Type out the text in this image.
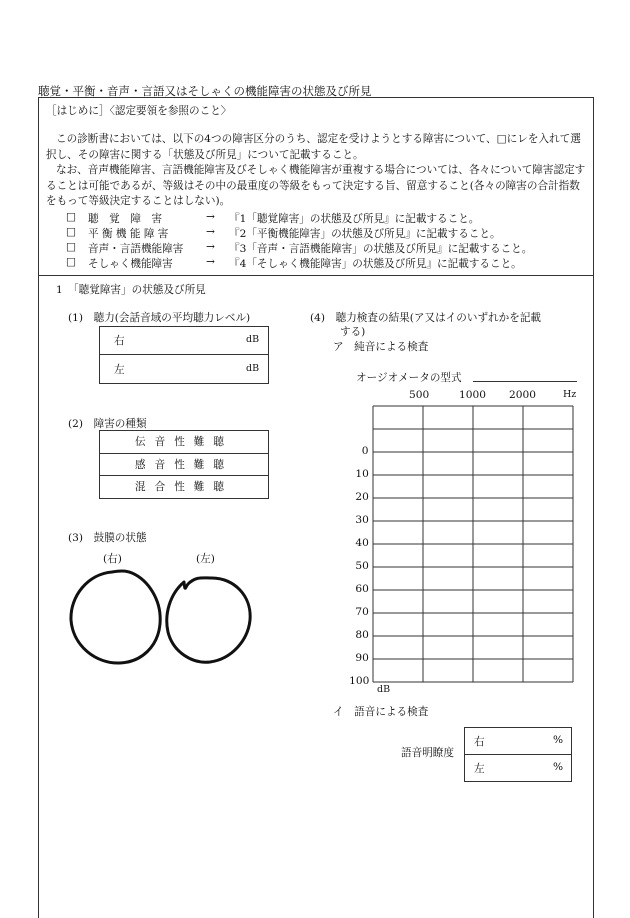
聴覚・平衡・音声・言語又はそしゃくの機能障害の状態及び所見
［はじめに］〈認定要領を参照のこと〉
この診断書においては、以下の4つの障害区分のうち、認定を受けようとする障害について、□にレを入れて選択し、その障害に関する「状態及び所見」について記載すること。
なお、音声機能障害、言語機能障害及びそしゃく機能障害が重複する場合については、各々について障害認定することは可能であるが、等級はその中の最重度の等級をもって決定する旨、留意すること(各々の障害の合計指数をもって等級決定することはしない)。
□ 聴　覚　障　害	→ 『1「聴覚障害」の状態及び所見』に記載すること。
□ 平 衡 機 能 障 害	→ 『2「平衡機能障害」の状態及び所見』に記載すること。
□ 音声・言語機能障害 → 『3「音声・言語機能障害」の状態及び所見』に記載すること。
□ そしゃく機能障害	→ 『4「そしゃく機能障害」の状態及び所見』に記載すること。
1　「聴覚障害」の状態及び所見
(1)　聴力(会話音域の平均聴力レベル)
右	dB
左	dB
(2)　障害の種類
伝音性難聴
感音性難聴
混合性難聴
(3)　鼓膜の状態
(右)	(左)
(4)　聴力検査の結果(ア又はイのいずれかを記載
する)
ア　純音による検査
オージオメータの型式
500	1000 2000	Hz
0
10
20
30
40
50
60
70
80
90
100
dB
イ　語音による検査
語音明瞭度
右	%
左	%
